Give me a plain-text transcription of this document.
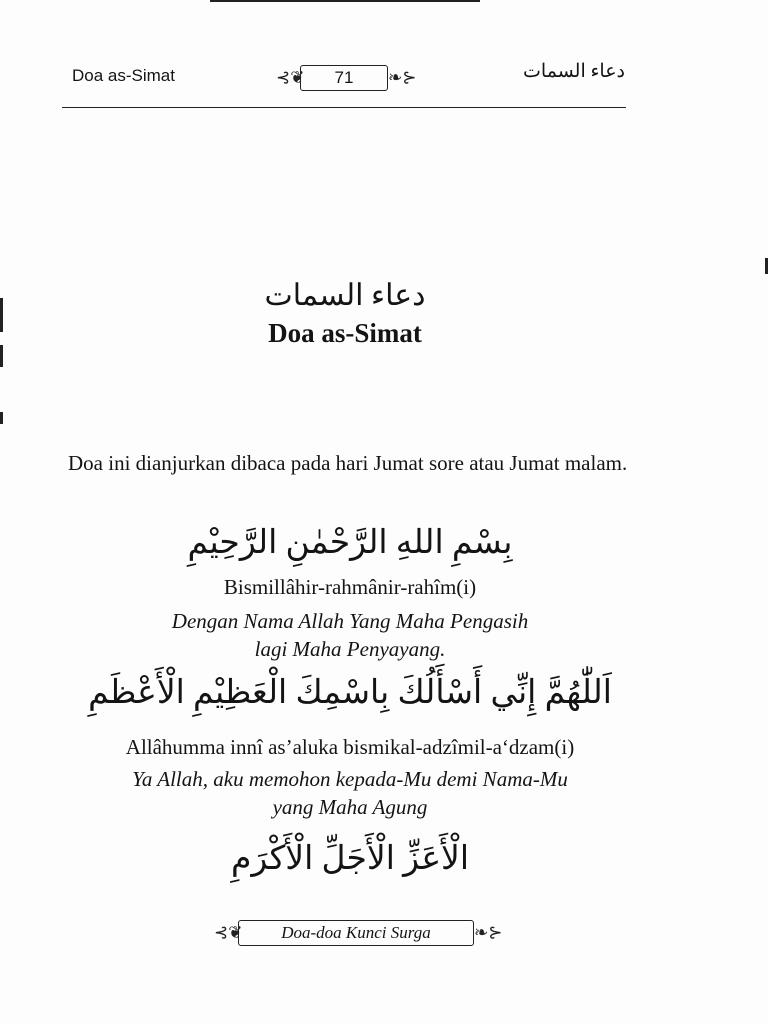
Doa as-Simat	⊰❦	71	❧⊱	دعاء السمات
دعاء السمات
Doa as-Simat
Doa ini dianjurkan dibaca pada hari Jumat sore atau Jumat malam.
بِسْمِ اللهِ الرَّحْمٰنِ الرَّحِيْمِ
Bismillâhir-rahmânir-rahîm(i)
Dengan Nama Allah Yang Maha Pengasih
lagi Maha Penyayang.
اَللّٰهُمَّ إِنِّي أَسْأَلُكَ بِاسْمِكَ الْعَظِيْمِ الْأَعْظَمِ
Allâhumma innî as’aluka bismikal-adzîmil-a‘dzam(i)
Ya Allah, aku memohon kepada-Mu demi Nama-Mu
yang Maha Agung
الْأَعَزِّ الْأَجَلِّ الْأَكْرَمِ
⊰❦	Doa-doa Kunci Surga	❧⊱
